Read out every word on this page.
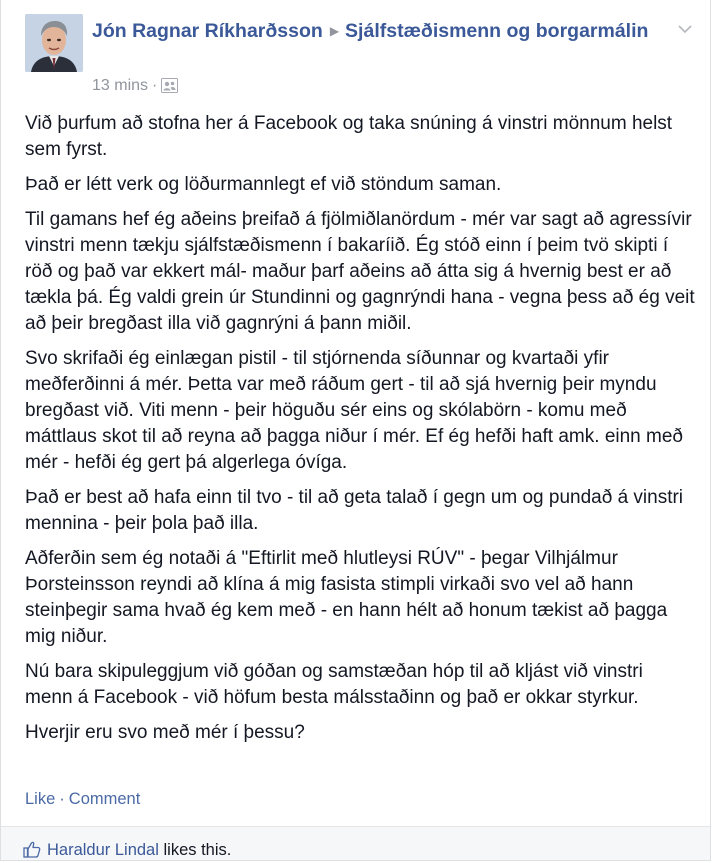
Jón Ragnar Ríkharðsson ▶ Sjálfstæðismenn og borgarmálin
13 mins ·

Við þurfum að stofna her á Facebook og taka snúning á vinstri mönnum helst sem fyrst.

Það er létt verk og löðurmannlegt ef við stöndum saman.

Til gamans hef ég aðeins þreifað á fjölmiðlanördum - mér var sagt að agressívir vinstri menn tækju sjálfstæðismenn í bakaríið. Ég stóð einn í þeim tvö skipti í röð og það var ekkert mál- maður þarf aðeins að átta sig á hvernig best er að tækla þá. Ég valdi grein úr Stundinni og gagnrýndi hana - vegna þess að ég veit að þeir bregðast illa við gagnrýni á þann miðil.

Svo skrifaði ég einlægan pistil - til stjórnenda síðunnar og kvartaði yfir meðferðinni á mér. Þetta var með ráðum gert - til að sjá hvernig þeir myndu bregðast við. Viti menn - þeir höguðu sér eins og skólabörn - komu með máttlaus skot til að reyna að þagga niður í mér. Ef ég hefði haft amk. einn með mér - hefði ég gert þá algerlega óvíga.

Það er best að hafa einn til tvo - til að geta talað í gegn um og pundað á vinstri mennina - þeir þola það illa.

Aðferðin sem ég notaði á "Eftirlit með hlutleysi RÚV" - þegar Vilhjálmur Þorsteinsson reyndi að klína á mig fasista stimpli virkaði svo vel að hann steinþegir sama hvað ég kem með - en hann hélt að honum tækist að þagga mig niður.

Nú bara skipuleggjum við góðan og samstæðan hóp til að kljást við vinstri menn á Facebook - við höfum besta málsstaðinn og það er okkar styrkur.

Hverjir eru svo með mér í þessu?

Like · Comment
Haraldur Lindal likes this.
